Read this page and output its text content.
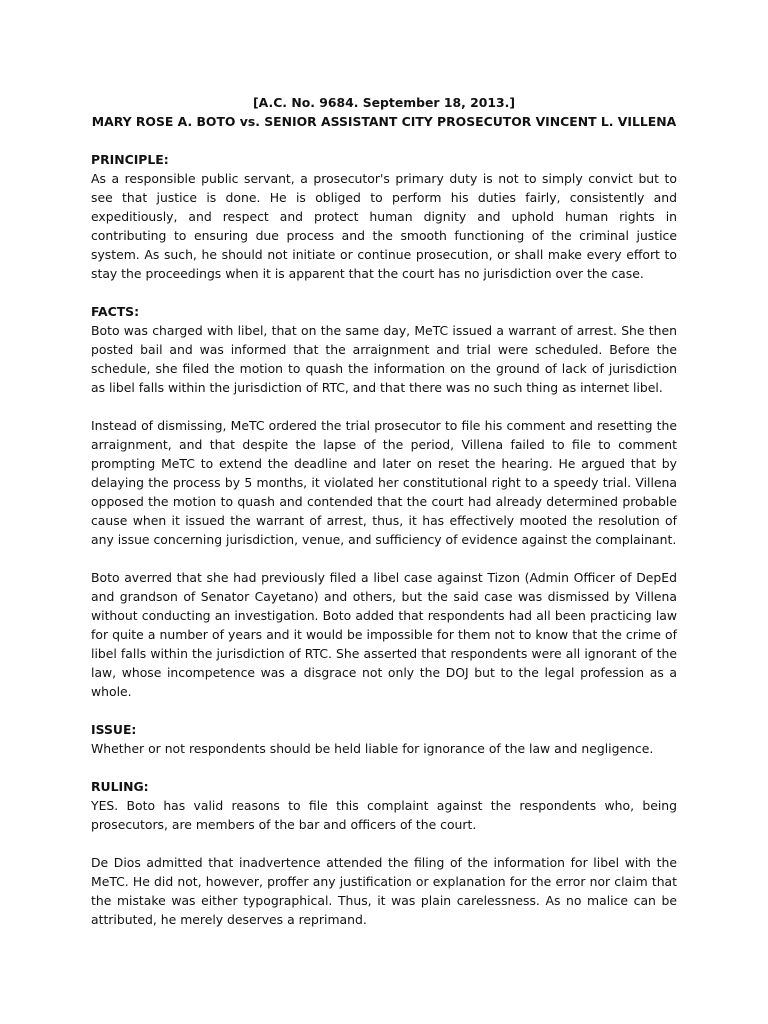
[A.C. No. 9684. September 18, 2013.]
MARY ROSE A. BOTO vs. SENIOR ASSISTANT CITY PROSECUTOR VINCENT L. VILLENA
PRINCIPLE:

As a responsible public servant, a prosecutor's primary duty is not to simply convict but to see that justice is done. He is obliged to perform his duties fairly, consistently and expeditiously, and respect and protect human dignity and uphold human rights in contributing to ensuring due process and the smooth functioning of the criminal justice system. As such, he should not initiate or continue prosecution, or shall make every effort to stay the proceedings when it is apparent that the court has no jurisdiction over the case.

FACTS:

Boto was charged with libel, that on the same day, MeTC issued a warrant of arrest. She then posted bail and was informed that the arraignment and trial were scheduled. Before the schedule, she filed the motion to quash the information on the ground of lack of jurisdiction as libel falls within the jurisdiction of RTC, and that there was no such thing as internet libel.

Instead of dismissing, MeTC ordered the trial prosecutor to file his comment and resetting the arraignment, and that despite the lapse of the period, Villena failed to file to comment prompting MeTC to extend the deadline and later on reset the hearing. He argued that by delaying the process by 5 months, it violated her constitutional right to a speedy trial. Villena opposed the motion to quash and contended that the court had already determined probable cause when it issued the warrant of arrest, thus, it has effectively mooted the resolution of any issue concerning jurisdiction, venue, and sufficiency of evidence against the complainant.

Boto averred that she had previously filed a libel case against Tizon (Admin Officer of DepEd and grandson of Senator Cayetano) and others, but the said case was dismissed by Villena without conducting an investigation. Boto added that respondents had all been practicing law for quite a number of years and it would be impossible for them not to know that the crime of libel falls within the jurisdiction of RTC. She asserted that respondents were all ignorant of the law, whose incompetence was a disgrace not only the DOJ but to the legal profession as a whole.

ISSUE:

Whether or not respondents should be held liable for ignorance of the law and negligence.

RULING:

YES. Boto has valid reasons to file this complaint against the respondents who, being prosecutors, are members of the bar and officers of the court.

De Dios admitted that inadvertence attended the filing of the information for libel with the MeTC. He did not, however, proffer any justification or explanation for the error nor claim that the mistake was either typographical. Thus, it was plain carelessness. As no malice can be attributed, he merely deserves a reprimand.
